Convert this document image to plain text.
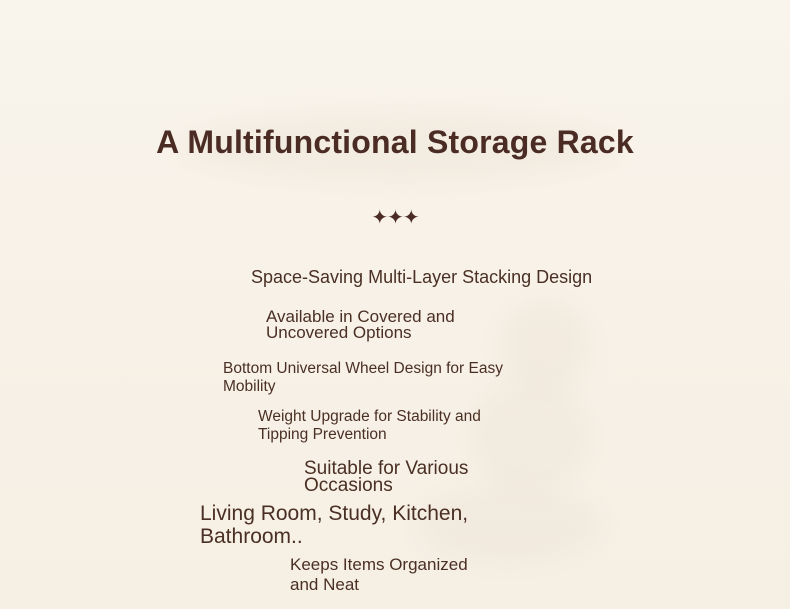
A Multifunctional Storage Rack
✦✦✦

Space-Saving Multi-Layer Stacking Design

Available in Covered and Uncovered Options

Bottom Universal Wheel Design for Easy Mobility

Weight Upgrade for Stability and Tipping Prevention

Suitable for Various Occasions

Living Room, Study, Kitchen, Bathroom..

Keeps Items Organized and Neat
